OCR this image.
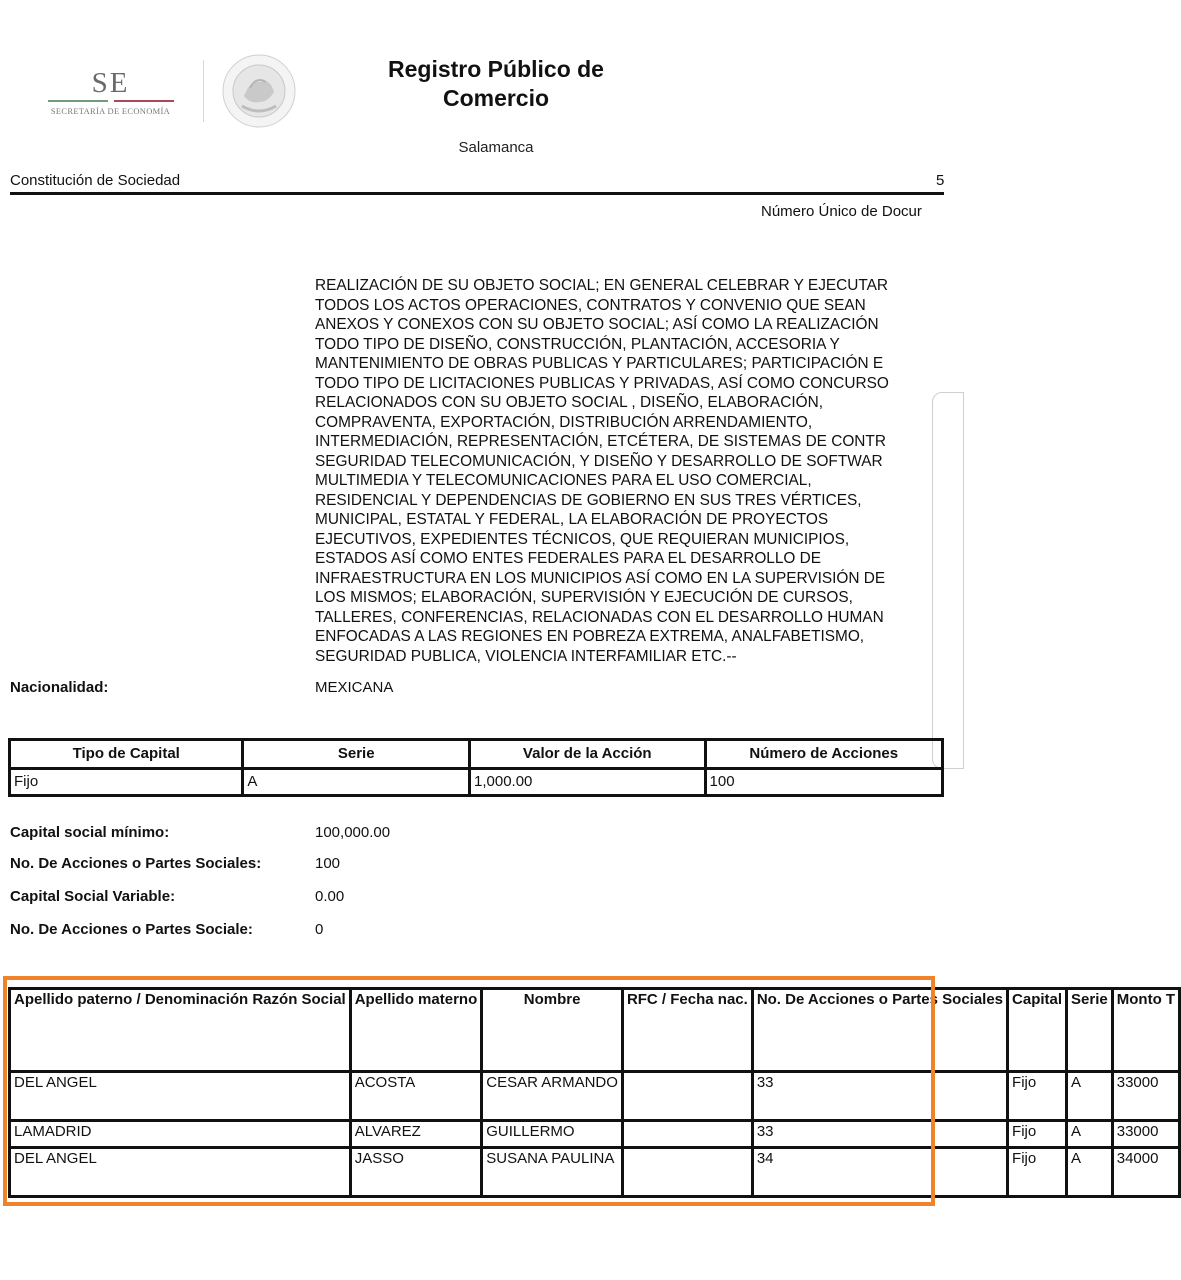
SE
SECRETARÍA DE ECONOMÍA
Registro Público de
Comercio
Salamanca
Constitución de Sociedad	5
Número Único de Docur
REALIZACIÓN DE SU OBJETO SOCIAL; EN GENERAL CELEBRAR Y EJECUTAR
TODOS LOS ACTOS OPERACIONES, CONTRATOS Y CONVENIO QUE SEAN
ANEXOS Y CONEXOS CON SU OBJETO SOCIAL; ASÍ COMO LA REALIZACIÓN
TODO TIPO DE DISEÑO, CONSTRUCCIÓN, PLANTACIÓN, ACCESORIA Y
MANTENIMIENTO DE OBRAS PUBLICAS Y PARTICULARES; PARTICIPACIÓN E
TODO TIPO DE LICITACIONES PUBLICAS Y PRIVADAS, ASÍ COMO CONCURSO
RELACIONADOS CON SU OBJETO SOCIAL , DISEÑO, ELABORACIÓN,
COMPRAVENTA, EXPORTACIÓN, DISTRIBUCIÓN ARRENDAMIENTO,
INTERMEDIACIÓN, REPRESENTACIÓN, ETCÉTERA, DE SISTEMAS DE CONTR
SEGURIDAD TELECOMUNICACIÓN, Y DISEÑO Y DESARROLLO DE SOFTWAR
MULTIMEDIA Y TELECOMUNICACIONES PARA EL USO COMERCIAL,
RESIDENCIAL Y DEPENDENCIAS DE GOBIERNO EN SUS TRES VÉRTICES,
MUNICIPAL, ESTATAL Y FEDERAL, LA ELABORACIÓN DE PROYECTOS
EJECUTIVOS, EXPEDIENTES TÉCNICOS, QUE REQUIERAN MUNICIPIOS,
ESTADOS ASÍ COMO ENTES FEDERALES PARA EL DESARROLLO DE
INFRAESTRUCTURA EN LOS MUNICIPIOS ASÍ COMO EN LA SUPERVISIÓN DE
LOS MISMOS; ELABORACIÓN, SUPERVISIÓN Y EJECUCIÓN DE CURSOS,
TALLERES, CONFERENCIAS, RELACIONADAS CON EL DESARROLLO HUMAN
ENFOCADAS A LAS REGIONES EN POBREZA EXTREMA, ANALFABETISMO,
SEGURIDAD PUBLICA, VIOLENCIA INTERFAMILIAR ETC.--
Nacionalidad:	MEXICANA
Tipo de Capital	Serie	Valor de la Acción	Número de Acciones
Fijo	A	1,000.00	100
Capital social mínimo:	100,000.00
No. De Acciones o Partes Sociales:	100
Capital Social Variable:	0.00
No. De Acciones o Partes Sociale:	0
Apellido paterno / Denominación Razón Social	Apellido materno	Nombre	RFC / Fecha nac.	No. De Acciones o Partes Sociales	Capital	Serie	Monto T
DEL ANGEL	ACOSTA	CESAR ARMANDO		33	Fijo	A	33000
LAMADRID	ALVAREZ	GUILLERMO		33	Fijo	A	33000
DEL ANGEL	JASSO	SUSANA PAULINA		34	Fijo	A	34000
